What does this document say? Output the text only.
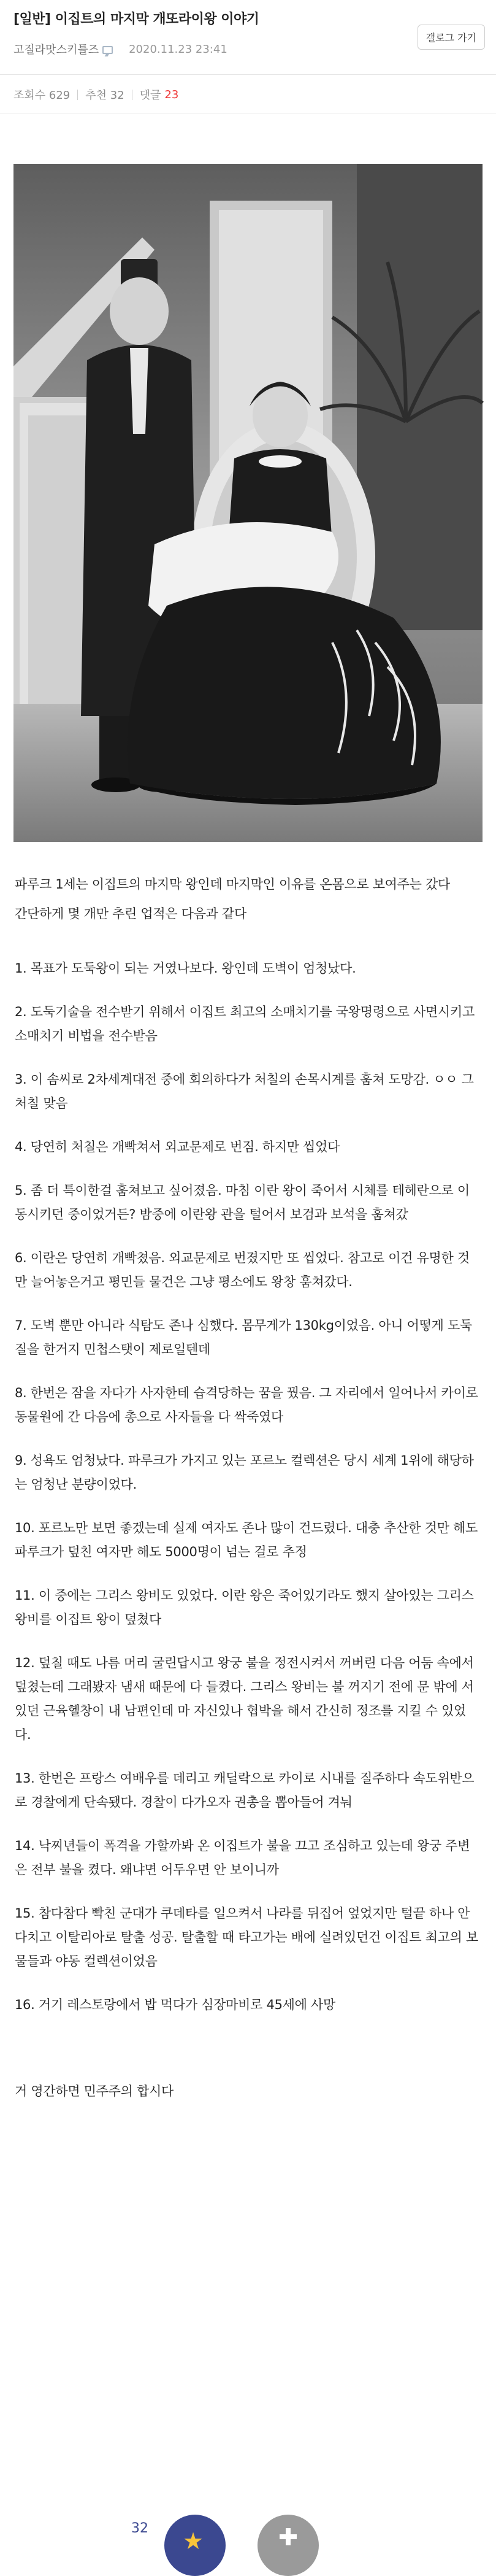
[일반] 이집트의 마지막 개또라이왕 이야기
고질라맛스키틀즈	2020.11.23 23:41
갤로그 가기
조회수 629 추천 32 댓글 23

파루크 1세는 이집트의 마지막 왕인데 마지막인 이유를 온몸으로 보여주는 갔다

간단하게 몇 개만 추린 업적은 다음과 같다

1. 목표가 도둑왕이 되는 거였나보다. 왕인데 도벽이 엄청났다.

2. 도둑기술을 전수받기 위해서 이집트 최고의 소매치기를 국왕명령으로 사면시키고 소매치기 비법을 전수받음

3. 이 솜씨로 2차세계대전 중에 회의하다가 처칠의 손목시계를 훔쳐 도망감. ㅇㅇ 그 처칠 맞음

4. 당연히 처칠은 개빡쳐서 외교문제로 번짐. 하지만 씹었다

5. 좀 더 특이한걸 훔쳐보고 싶어졌음. 마침 이란 왕이 죽어서 시체를 테헤란으로 이동시키던 중이었거든? 밤중에 이란왕 관을 털어서 보검과 보석을 훔쳐갔

6. 이란은 당연히 개빡쳤음. 외교문제로 번졌지만 또 씹었다. 참고로 이건 유명한 것만 늘어놓은거고 평민들 물건은 그냥 평소에도 왕창 훔쳐갔다.

7. 도벽 뿐만 아니라 식탐도 존나 심했다. 몸무게가 130kg이었음. 아니 어떻게 도둑질을 한거지 민첩스탯이 제로일텐데

8. 한번은 잠을 자다가 사자한테 습격당하는 꿈을 꿨음. 그 자리에서 일어나서 카이로 동물원에 간 다음에 총으로 사자들을 다 싹죽였다

9. 성욕도 엄청났다. 파루크가 가지고 있는 포르노 컬렉션은 당시 세계 1위에 해당하는 엄청난 분량이었다.

10. 포르노만 보면 좋겠는데 실제 여자도 존나 많이 건드렸다. 대충 추산한 것만 해도 파루크가 덮친 여자만 해도 5000명이 넘는 걸로 추정

11. 이 중에는 그리스 왕비도 있었다. 이란 왕은 죽어있기라도 했지 살아있는 그리스 왕비를 이집트 왕이 덮쳤다

12. 덮칠 때도 나름 머리 굴린답시고 왕궁 불을 정전시켜서 꺼버린 다음 어둠 속에서 덮쳤는데 그래봤자 냄새 때문에 다 들켰다. 그리스 왕비는 불 꺼지기 전에 문 밖에 서있던 근육헬창이 내 남편인데 마 자신있나 협박을 해서 간신히 정조를 지킬 수 있었다.

13. 한번은 프랑스 여배우를 데리고 캐딜락으로 카이로 시내를 질주하다 속도위반으로 경찰에게 단속됐다. 경찰이 다가오자 권총을 뽑아들어 겨눠

14. 낙찌년들이 폭격을 가할까봐 온 이집트가 불을 끄고 조심하고 있는데 왕궁 주변은 전부 불을 켰다. 왜냐면 어두우면 안 보이니까

15. 참다참다 빡친 군대가 쿠데타를 일으켜서 나라를 뒤집어 엎었지만 털끝 하나 안 다치고 이탈리아로 탈출 성공. 탈출할 때 타고가는 배에 실려있던건 이집트 최고의 보물들과 야동 컬렉션이었음

16. 거기 레스토랑에서 밥 먹다가 심장마비로 45세에 사망

거 영간하면 민주주의 합시다

32 ★
